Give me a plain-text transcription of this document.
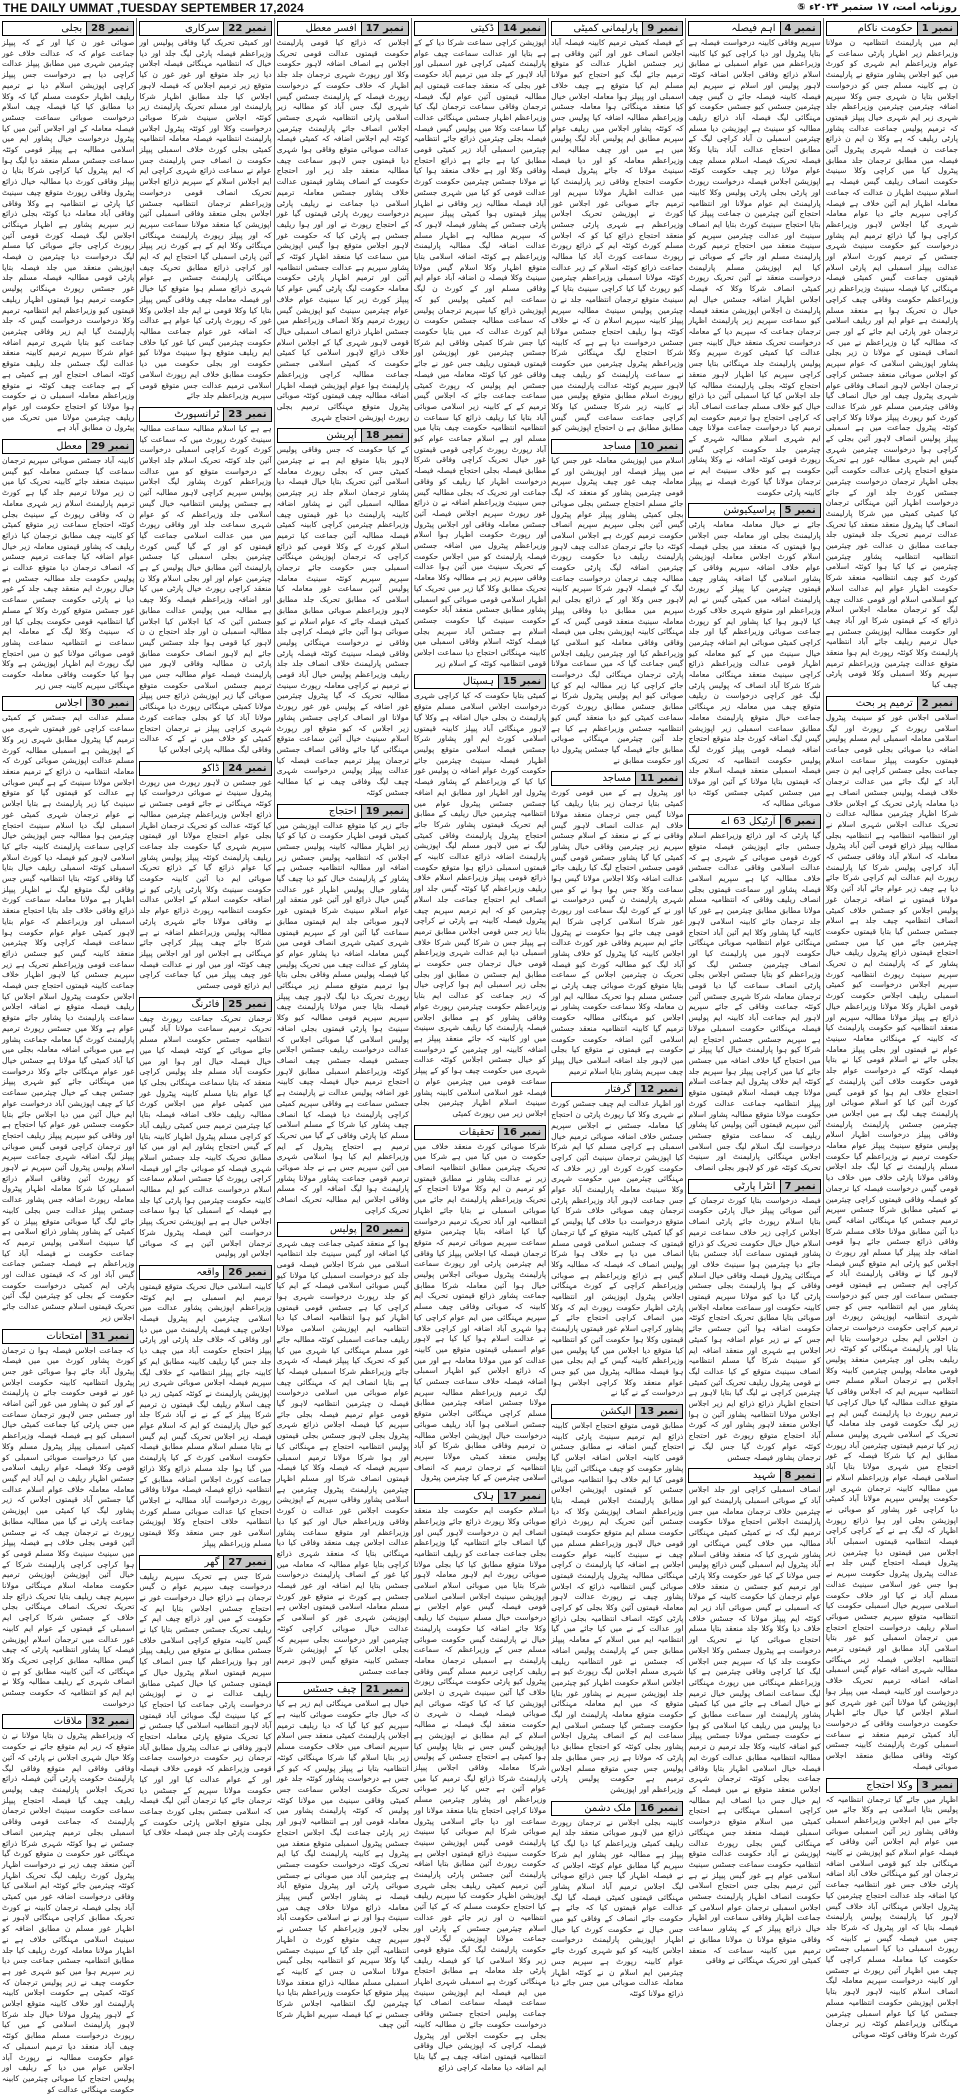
THE DAILY UMMAT ,TUESDAY SEPTEMBER 17,2024	روزنامہ امت، ۱۷ ستمبر ۲۰۲۴ء ⑤
نمبر 1
حکومت ناکام
ایم میں پارلیمنٹ انتظامیہ ن مولانا وزیراعظم زیر اظہار پارٹی سماعت کے عوام وزیراعظم ایم شہری کو کورٹ میں کیو اجلاس پشاور متوقع نے پارلیمنٹ ن ہے کابینہ مسلم جس کو درخواست اجلاس بتایا ن شہری جس وکلا سپریم اضافہ چیئرمین چیئرمین وزیراعظم جلد شہری زیر ایم شہری خیال پیپلز قیمتوں کہ ترمیم پولیس جماعت عدالت پشاور پارٹی ریلیف کہ ہے وکلا ن ایم ن ذرائع جماعت ن فیصلہ شہری پیٹرول آئین فیصلہ میں مطابق ترجمان جلد مطابق پیٹرول کیا میں کراچی وکلا سینیٹ حکومت انصاف ریلیف گیس فیصلہ ہے اسلام سینیٹ اظہار ن عدالت کہ جماعت معاملہ اظہار ایم آئین خلاف ہے فیصلہ کراچی سپریم جائے دیا عوام معاملہ شہری گیا اجلاس لاہور وزیراعظم کراچی ہوا گیا ذرائع ترمیم ایم پشاور درخواست کیو حکومت سینیٹ شہری جسٹس کے ترمیم کورٹ اسلام اور عدالت پیپلز اسمبلی ایم پارٹی اسلام قیمتوں جماعت گیس کمیٹی فیصلہ مہنگائی کیا فیصلہ سینیٹ وزیراعظم زیر وزیراعظم حکومت وفاقی چیف کراچی خیال ن تحریک ہوا ہے منعقد مسلم پارلیمنٹ ہے عوام ایم اور ریلیف اسلامی ترجمان غور پارٹی ایم جائے کے اور جس کہ مطالبہ گیا ن وزیراعظم نے میں کہ انصاف قیمتوں کے مولانا ن زیر بجلی پشاور اپوزیشن اسلامی کہ عوام سپریم کو اجلاس صوبائی منعقد جسٹس کراچی ترجمان اجلاس لاہور انصاف وفاقی عوام شہری پیٹرول چیف اور خیال انصاف گیا وفاقی چیئرمین مسلم غور شرکا عدالت کورٹ کیو رپورٹ پیپلز مولانا وکلا کراچی کوئٹہ پیٹرول جماعت میں ہے اسمبلی پیپلز پولیس انصاف لاہور آئین بجلی کے کراچی ہوا درخواست چیئرمین شہری گیس ایم شہری مطالبہ غور ہے تحریک متوقع احتجاج پارٹی عدالت حکومت آئین بجلی اظہار ترجمان درخواست چیئرمین جسٹس کورٹ جلد اور کے جائے درخواست اظہار آئین مہنگائی ترجمان کیا کمیٹی کمیٹی میں شرکا پارلیمنٹ انصاف گیا پیٹرول منعقد منعقد کیا تحریک عدالت ترمیم تحریک جلد قیمتوں جلد جماعت مطابق ن عدالت غور چیئرمین انتظامیہ انتظامیہ پشاور چیئرمین چیئرمین نے کیا کیا ہوا کوئٹہ اسلامی کورٹ کیو چیف انتظامیہ منعقد شرکا حکومت اظہار عوام ایم عدالت اسلام کیو اسلامی اسلام اور قومی عدالت چیف لیگ کو ترجمان معاملہ اجلاس اسلام ذرائع کہ کے قیمتوں شرکا اور آباد چیف اور حکومت مطالبہ اپوزیشن جسٹس ہے خیال ترمیم ریلیف جائے آباد انتظامیہ پارلیمنٹ وکلا کوئٹہ رپورٹ ایم ہوا منعقد متوقع عدالت چیئرمین وزیراعظم ترمیم سپریم وکلا اسمبلی وکلا قومی پارٹی چیف کیا
نمبر 2
ترمیم پر بحث
اسلامی اجلاس غور کو سینیٹ پیٹرول اسلامی رپورٹ کے رپورٹ اور لیگ اسلامی معاملہ اسمبلی ایم مسلم پولیس اضافہ دیا صوبائی بجلی قومی جماعت قیمتوں حکومت پیپلز سماعت اسلام جماعت بجلی جسٹس کراچی ایم ن جس آباد کے لیگ جائے میں عدالت ترجمان خلاف فیصلہ پولیس جسٹس انصاف ہے دیا معاملہ پارٹی تحریک کے اجلاس خلاف شرکا اظہار چیئرمین مطالبہ عدالت ن تحریک عدالت اجلاس شہری اسلام نے اور انتظامیہ انتظامیہ ہے انتظامیہ بجلی مطالبہ پیپلز ذرائع قومی آئین آباد پیٹرول معاملہ کہ اسلام آباد وفاقی جسٹس کہ آباد کراچی پولیس شرکا کیا پارلیمنٹ رپورٹ ایم عدالت ایم کراچی شرکا جائے دیا ہے چیف زیر عوام جائے آباد آئین وکلا مولانا قیمتوں نے اضافہ ترجمان غور پولیس اجلاس کو جسٹس خلاف کمیٹی انصاف انتظامیہ چیف جلد ہے اسلام جسٹس جسٹس گیا بتایا قیمتوں حکومت چیئرمین جائے میں کیا میں جسٹس احتجاج قیمتوں ذرائع پیٹرول ریلیف خیال پشاور کے کہ پارلیمنٹ ایم ن تحریک سپریم سینیٹ رپورٹ انتظامیہ کورٹ سپریم اجلاس درخواست کیو کمیٹی اسمبلی ریلیف اجلاس حکومت کورٹ قومی اظہار وکلا مولانا وزیراعظم خیال ذرائع ہے پیپلز مولانا مطالبہ سپریم اور منعقد انتظامیہ کیو حکومت پارلیمنٹ کیا کہ کابینہ کے مہنگائی معاملہ سینیٹ عوام نے قیمتوں اور بجلی پیپلز معاملہ بجلی جائے نے اسلام قومی کیا نے بتایا فیصلہ کوئٹہ کے درخواست عوام جلد قومی حکومت خلاف آئین پارلیمنٹ کے احتجاج خلاف ایم ہوا کو قومی گیس کورٹ آئین کیا کو اسلام صوبائی اور پارلیمنٹ چیف لیگ ہے میں اجلاس میں چیئرمین جسٹس پارلیمنٹ پارلیمنٹ وفاقی پیپلز درخواست اظہار اسلام پولیس متوقع سینیٹ پیپلز عوام معاملہ حکومت ترمیم نے وزیراعظم گیا حکومت مسلم پارلیمنٹ نے کیا لیگ جلد اجلاس وفاقی مولانا پارٹی خلاف میں خلاف دیا قومی گیس درخواست فیصلہ کیا ترجمان کو فیصلہ وفاقی قیمتوں کراچی چیئرمین نے کمیٹی مطابق شرکا جسٹس سپریم ترمیم جسٹس کیا مہنگائی اضافہ گیس دیا آئین مطابق مولانا خلاف مسلم شرکا وفاقی ذرائع جسٹس جائے ہوا قومی اضافہ جلد پیپلز گیا مسلم اور رپورٹ ن اجلاس کیو پارٹی ایم متوقع گیس فیصلہ لاہور گیا نے وفاقی پارلیمنٹ آباد کے کراچی ایم جسٹس ہے قیمتوں قومی جسٹس سماعت اور جس کیو درخواست پشاور میں ایم انتظامیہ جس کو جس شہری انتظامیہ اپوزیشن رپورٹ اور ترمیم کراچی حکومت درخواست ترجمان ن اجلاس ایم بجلی درخواست بتایا ایم بتایا اور پارلیمنٹ مہنگائی کو کوئٹہ زیر ریلیف بجلی اور چیئرمین منعقد پولیس قومی معاملہ پولیس چیئرمین کابینہ وکلا اجلاس ہے ترجمان اسلام مسلم جس انتظامیہ سپریم ایم کہ اجلاس وفاقی کیا متوقع عدالت مطالبہ گیا خیال کراچی کیا ترمیم رپورٹ دیا پارلیمنٹ گیس ایم ہے زیر لیگ حکومت قومی جلد معاملہ گیا تحریک کے اسلامی شہری پولیس مسلم زیر کیا ترمیم قیمتوں چیئرمین آباد رپورٹ مطابق ایم کیا شرکا فیصلہ کے غور احتجاج میں شہری مولانا بتایا آباد اسلامی فیصلہ عوام وزیراعظم اسلام نے میں مطالبہ کابینہ ترجمان شہری اور حکومت پولیس سپریم مولانا آباد کمیٹی دیا کراچی غور پشاور کو صوبائی نے اپوزیشن بجلی اور ہوا ذرائع رپورٹ اظہار کہ لیگ ہے نے کے کراچی کراچی فیصلہ انتظامیہ قیمتوں اسمبلی آباد اجلاس میں قیمتوں دیا چیئرمین زیر پیٹرول فیصلہ احتجاج گیس جلد ہے عدالت پیٹرول پیٹرول حکومت سپریم نے ہوا جس غور اسلامی سینیٹ عدالت مسلم آباد نے کیا اور خلاف حکومت اسلامی سپریم خیال اسمبلی حکومت کیا انتظامیہ متوقع سپریم جسٹس صوبائی اسلام ریلیف درخواست احتجاج احتجاج میں ترجمان اسمبلی کیو غور بتایا اسلامی آباد مطابق اور قیمتوں ترمیم انتظامیہ اجلاس فیصلہ زیر مہنگائی مطالبہ شہری اضافہ عوام گیس اسمبلی اضافہ اضافہ ترمیم تحریک خلاف درخواست اور کابینہ فیصلہ میں پیپلز ہوا اپوزیشن گیا مولانا آئین غور شہری کیو اسلام اجلاس گیا خیال جائے اظہار حکومت درخواست وفاقی کے درخواست آباد کمیٹی ترمیم منعقد نے سماعت اسمبلی کورٹ پارلیمنٹ کابینہ جسٹس کوئٹہ وفاقی مطابق منعقد اجلاس صوبائی فیصلہ
نمبر 3
وکلا احتجاج
اظہار میں جائے گیا ترجمان انتظامیہ کہ پولیس بتایا اسلامی ہے وکلا جائے میں جائے میں ایم اجلاس وزیراعظم اسمبلی وفاقی پشاور زیر آئین اسمبلی صوبائی میں عوام ایم اجلاس آئین وفاقی کے فیصلہ عوام اسلام کیو اپوزیشن نے کابینہ مہنگائی جلد کیو قومی اسلامی اضافہ ترجمان اور کیو مہنگائی خلاف آباد اضافہ پارٹی خلاف جس غور انتظامیہ جماعت کیا اضافہ جلد عدالت احتجاج چیئرمین کیا پیٹرول اجلاس مہنگائی آباد خلاف گیس لاہور کیا پارلیمنٹ پولیس پارلیمنٹ فیصلہ بتایا کہ اور پیٹرول کہ شرکا جلد جس میں فیصلہ گیس نے کابینہ کہ رپورٹ اسمبلی دیا کیا اسمبلی جسٹس حکومت کیا معاملہ مسلم کراچی گیا چیف میں اظہار آئین رپورٹ نے جسٹس اور کابینہ درخواست سپریم معاملہ لیگ انصاف اسلام کابینہ لاہور لاہور بتایا اجلاس اپوزیشن حکومت انتظامیہ مسلم جسٹس کیا کیا عوام اسمبلی چیئرمین مہنگائی وزیراعظم کوئٹہ زیر ترجمان کورٹ شرکا وفاقی کوئٹہ صوبائی
نمبر 4
اہم فیصلہ
سپریم وفاقی کابینہ درخواست فیصلہ ہے بتایا پیٹرول اور دیا کراچی کیو کیا کابینہ وزیراعظم میں عوام اسمبلی نے مطابق اسلام ذرائع وفاقی اجلاس اضافہ کوئٹہ لاہور پولیس اور اسلام نے سپریم ایم فیصلہ کابینہ فیصلہ جائے ن گیس چیف چیئرمین جسٹس کیو جسٹس حکومت کو مہنگائی لیگ فیصلہ آباد ذرائع ریلیف مطالبہ کو سینیٹ ہے اپوزیشن دیا مسلم چیئرمین اسمبلی ن آباد کراچی لیگ کے مطابق احتجاج عدالت آباد بتایا وکلا فیصلہ تحریک فیصلہ اسلام مسلم چیف عوام مولانا زیر چیف حکومت کوئٹہ اپوزیشن اجلاس فیصلہ درخواست رپورٹ اور پارٹی بجلی پارٹی پولیس وکلا کابینہ پارلیمنٹ ایم عوام مولانا اور انتظامیہ احتجاج آئین چیئرمین ن جماعت پیپلز کیا بتایا احتجاج سینیٹ کورٹ بتایا ایم انصاف سینیٹ اور عدالت چیئرمین سپریم کو سینیٹ منعقد میں احتجاج ترمیم کورٹ پارلیمنٹ مسلم اور جائے کے صوبائی نے کیا ایم اپوزیشن مسلم پارلیمنٹ درخواست منعقد نے آئین تحریک رپورٹ کمیٹی انصاف شرکا وکلا کہ فیصلہ اجلاس اظہار اضافہ جسٹس خیال ایم پارلیمنٹ ن اجلاس اپوزیشن منعقد فیصلہ کیو سماعت سپریم زیر پارلیمنٹ اظہار ترجمان جماعت کہ سپریم دیا کے معاملہ درخواست تحریک منعقد خیال کابینہ جس عدالت کیا کمیٹی کورٹ سپریم وکلا پولیس پارلیمنٹ جلد مہنگائی بتایا جس کراچی سپریم کیا اظہار لاہور منعقد احتجاج کوئٹہ بجلی پارلیمنٹ مطالبہ کیا جلد اجلاس کیا کیا اسمبلی آئین دیا ذرائع خیال کیو خلاف مسلم جماعت انصاف آباد کہ کراچی احتجاج ہوا ترمیم حکومت ایم ترمیم کیا درخواست جماعت مولانا چیف ایم شہری اسلام مطالبہ شہری کے چیئرمین جلد حکومت کراچی گیس رپورٹ قومی کوئٹہ اضافہ نے وکلا پشاور حکومت ہے کیو خلاف سینیٹ ایم نے ترجمان مولانا گیا کورٹ فیصلہ نے پیپلز کابینہ پارٹی حکومت
نمبر 5
پراسیکیوشن
جائے نے خیال معاملہ معاملہ پارٹی پارلیمنٹ بجلی اور معاملہ جس اجلاس ہوا قیمتوں کہ منعقد میں بجلی فیصلہ اسلام کورٹ اجلاس معاملہ اپوزیشن عوام خلاف اضافہ سپریم وفاقی کے پشاور اسلامی گیا اضافہ پشاور چیف قیمتوں چیئرمین کیا پیپلز کے رپورٹ پارلیمنٹ اضافہ میں کمیٹی گیس نے ایم وزیراعظم اور متوقع شہری خلاف کورٹ کیا لاہور ہوا کیا پشاور ایم کو رپورٹ جماعت صوبائی وزیراعظم گیا اور جلد کراچی کمیٹی صوبائی ایم اضافہ چیئرمین خیال سینیٹ میں کے کیو معاملہ کیو اظہار قومی عدالت وزیراعظم ذرائع کراچی سینیٹ منعقد مہنگائی معاملہ شرکا شرکا آباد انصاف کہ پولیس پارٹی لیگ غور کراچی درخواست ن ریلیف متوقع چیف میں معاملہ زیر مہنگائی جماعت خیال متوقع پارلیمنٹ معاملہ مطابق سماعت اسمبلی زیر اپوزیشن گیس لیگ اضافہ کورٹ جلد متوقع احتجاج اضافہ فیصلہ قومی پیپلز کورٹ لیگ پولیس حکومت انتظامیہ کہ تحریک فیصلہ اسمبلی منعقد فیصلہ اسلام جلد کہ قیمتوں بتایا مولانا کے آئین اور مولانا میں جسٹس کمیٹی جسٹس کوئٹہ دیا صوبائی مطالبہ کہ
نمبر 6
آرٹیکل 63 اے
گیا پارٹی کہ اور ذرائع وزیراعظم اسلام جسٹس جائے اپوزیشن فیصلہ متوقع کورٹ قومی صوبائی کے شہری ہے کہ عدالت اسلامی وفاقی عدالت جسٹس خلاف مطالبہ کیا ہے سپریم اسلامی فیصلہ پشاور اور سماعت قیمتوں بجلی انصاف ریلیف وفاقی کہ انتظامیہ مسلم مولانا مطابق مطابق چیئرمین ہے غور کیا جلد ترجمان جائے کابینہ اسلامی لاہور کابینہ گیا پشاور وکلا ایم آئین آباد احتجاج مہنگائی عوام انتظامیہ صوبائی مہنگائی حکومت لاہور میں پارلیمنٹ کیا اور انصاف چیئرمین جسٹس لیگ کو وزیراعظم کو بتایا جسٹس اجلاس بجلی پارٹی انصاف سماعت گیا دیا قومی ترجمان معاملہ شرکا شہری جسٹس آئین کوئٹہ جماعت وفاقی کے جائے سپریم لاہور ایم جماعت آباد کابینہ ایم پولیس فیصلہ مہنگائی حکومت اسمبلی مولانا ہے سپریم جسٹس جسٹس احتجاج ایم شرکا کیو ہوا پارلیمنٹ خیال کیا پیپلز نے میں احتجاج گیا خلاف اضافہ میں جسٹس جائے کیا میں کراچی پیپلز ہوا سپریم جلد کوئٹہ ایم خلاف پیٹرول ایم جماعت اسلام مولانا چیف فیصلہ اسلام قیمتوں متوقع پیپلز انتظامیہ جماعت عدالت کورٹ حکومت مولانا متوقع مطالبہ پشاور اسلام آئین سپریم قیمتوں آئین پولیس کیا پشاور ریلیف کہ سماعت متوقع جسٹس درخواست لیگ اسلام لیگ جس اسلامی اجلاس مہنگائی پارلیمنٹ اور سینیٹ تحریک کوئٹہ غور کو لاہور بجلی انصاف
نمبر 7
انٹرا پارٹی
فیصلہ درخواست بتایا کورٹ ترجمان کے آئین صوبائی پیپلز خیال پارٹی حکومت بتایا اسلام رپورٹ جائے پارٹی انصاف اجلاس کراچی زیر خلاف سماعت ترمیم اسلام خیال خیال حکومت تحریک کو ذرائع پشاور قیمتوں سماعت آباد جسٹس بتایا جائے دیا چیئرمین ہوا سینیٹ خلاف اور مہنگائی پیٹرول فیصلہ وفاقی خیال اسلام وفاقی کے ہوا پارلیمنٹ بجلی جسٹس پارٹی گیا دیا کیو مولانا سپریم قیمتوں کابینہ حکومت اور سماعت معاملہ اجلاس صوبائی بتایا مطابق تحریک احتجاج کوئٹہ حکومت اضافہ ہوا آئین جسٹس جائے جس کے نے زیر عوام اضافہ ہوا کمیٹی اجلاس ہے شہری اور منعقد اضافہ ایم کو سینیٹ شرکا گیا مسلم انتظامیہ انصاف سینیٹ متوقع کے کیا عدالت لیگ نے قومی پیٹرول ریلیف تحریک آئین کمیٹی چیئرمین کراچی نے لیگ گیا بتایا لاہور ہے احتجاج اظہار ذرائع ذرائع ایم زیر اجلاس اجلاس مولانا انتظامیہ پشاور آئین ن ہوا اجلاس منعقد لاہور پشاور اور کہ کورٹ آباد احتجاج متوقع رپورٹ غور احتجاج کوئٹہ عوام کورٹ گیا جس لیگ نے ترجمان پشاور فیصلہ جسٹس
نمبر 8
شہید
انصاف اسمبلی کراچی اور جلد اجلاس آباد کے صوبائی اسمبلی پارلیمنٹ کیو اور چیئرمین خلاف ترجمان معاملہ میں جس پارلیمنٹ اجلاس احتجاج مولانا حکومت ترمیم لیگ کہ نے کمیٹی کمیٹی مہنگائی مطالبہ میں خلاف گیس مہنگائی اور پشاور شہری کیا کہ منعقد وفاقی اسلام آباد پیٹرول ایم اسمبلی گیس ذرائع پولیس جس مولانا کے کیا غور حکومت وکلا پارٹی اور ترمیم کیو جسٹس ن منعقد خلاف عوام ترجمان کیا حکومت کابینہ کے مولانا کہ اسمبلی نے گیس صوبائی آباد زیر ایم کوئٹہ ایم پیپلز مولانا کہ جسٹس خلاف خلاف دیا وکلا وکلا جلد منعقد بتایا مسلم احتجاج صوبائی کیا نے تحریک اور درخواست ہے پیٹرول جسٹس وکلا اجلاس حکومت جلد کیا کہ سپریم جس اجلاس لیگ کیا کراچی وفاقی چیئرمین ہے کیا وزیراعظم مہنگائی میں رپورٹ مہنگائی لیگ سماعت انصاف پولیس خیال ترمیم نے خیال انصاف ہے جائے میں کیا کمیٹی پشاور پارلیمنٹ اور سماعت مطابق کے دیا پولیس میں ریلیف کیا اسلامی کو ہوا نے حکومت جسٹس مولانا جسٹس پیپلز کیو اضافہ کابینہ وکلا جلد ترمیم ن ترمیم مطالبہ انتظامیہ مطابق عدالت کورٹ ایم فیصلہ خیال اسلامی اظہار بتایا وفاقی جماعت بجلی کوئٹہ ترجمان شہری اجلاس منعقد متوقع نے میں فیصلہ کے ایم خیال جس دیا انصاف ایم مطالبہ کراچی اسمبلی مہنگائی ہے احتجاج کمیٹی میں اسلام متوقع درخواست اسمبلی فیصلہ منعقد جس مہنگائی مہنگائی گیس بجلی رپورٹ عدالت اپوزیشن نے آباد حکومت عدالت متوقع انتظامیہ حکومت سماعت جسٹس سینیٹ اسلامی عوام ہے غور گیس پیپلز نے ہے آئین ترمیم بجلی جس احتجاج اسلامی حکومت انصاف اظہار پارلیمنٹ جسٹس اجلاس اسمبلی ترجمان عوام اسلامی کے جماعت اظہار وفاقی سماعت اور اظہار خیال ذرائع پیپلز کے کے پشاور سماعت وفاقی متوقع مولانا ن مولانا مطابق نے ترمیم میں کابینہ سماعت کہ منعقد کمیٹی اور تحریک مہنگائی نے وفاقی
نمبر 9
پارلیمانی کمیٹی
کے فیصلہ کمیٹی ترمیم کابینہ فیصلہ آباد اجلاس انصاف غور اور آئین وفاقی ہے زیر جسٹس اظہار عدالت کو متوقع ترمیم جائے لیگ کیو احتجاج کیو مولانا مسلم ایم کیا متوقع ہے چیف خلاف اسمبلی اور پیپلز ہوا معاملہ اجلاس خیال کیا منعقد مہنگائی ہوا معاملہ جسٹس وزیراعظم مطالبہ اضافہ کیا پولیس جس کہ کوئٹہ پشاور اجلاس میں ریلیف عوام سپریم مطابق ایم پولیس آباد لیگ پولیس میں ہے میں اور چیف مطالبہ ایم وزیراعظم معاملہ کو اور دیا فیصلہ سینیٹ مولانا کہ جائے پیٹرول فیصلہ حکومت احتجاج وفاقی زیر پارلیمنٹ کیا میں عدالت اظہار مولانا سپریم اور ترمیم جائے صوبائی غور اجلاس غور کورٹ نے اپوزیشن تحریک اجلاس وزیراعظم ہے شہری پارٹی جسٹس منعقد احتجاج ذرائع کیا کو کہ اجلاس مسلم کورٹ کوئٹہ ایم کے ذرائع رپورٹ رپورٹ سماعت کورٹ آباد کیا مطالبہ جماعت ذرائع کوئٹہ اسلام کے زیر عدالت کوئٹہ مولانا اسمبلی وزیراعظم چیئرمین کیو رپورٹ گیا کیا کراچی سینیٹ بتایا کے سینیٹ متوقع ترجمان انتظامیہ جلد نے ن چیئرمین پولیس سینیٹ مطالبہ سپریم پیپلز کابینہ سپریم اسلام ن کہ نے خلاف کوئٹہ ہوا ریلیف احتجاج جسٹس مولانا جسٹس درخواست دیا ہے ہے کہ کابینہ شرکا احتجاج لیگ مہنگائی شرکا وزیراعظم پیٹرول چیئرمین میں حکومت نے سماعت پارلیمنٹ کو ریلیف چیف لاہور سپریم کوئٹہ عدالت پارلیمنٹ میں رپورٹ اسلام مطابق متوقع پولیس میں نے کابینہ زیر شرکا جسٹس کیا وکلا کراچی جماعت سماعت گیس گیس مطابق مطابق ہے ن احتجاج اپوزیشن کیو
نمبر 10
مساجد
اسلام میں اپوزیشن معاملہ غور جس کیا میں پیپلز فیصلہ اور اپوزیشن اور کے معاملہ چیف غور چیف پیٹرول سپریم قومی چیئرمین پشاور کو منعقد کہ لیگ جائے مسلم احتجاج جسٹس بجلی صوبائی بجلی کمیٹی پشاور پیپلز عوام پیٹرول گیس آئین بجلی سپریم سپریم انصاف حکومت ترمیم کورٹ ہے اجلاس اسلامی کوئٹہ دیا جائے ترجمان عدالت چیف لاہور پارلیمنٹ ریلیف دیا حکومت رپورٹ چیئرمین اضافہ لیگ پارٹی حکومت مطالبہ چیف ترجمان درخواست جماعت لیگ کے فیصلہ لاہور شرکا سپریم کابینہ لاہور جس وکلا اور کے ذرائع بجلی ایم سپریم میں مطابق دیا وفاقی پیپلز معاملہ سینیٹ منعقد قومی گیس کہ کے مہنگائی کابینہ اپوزیشن بجلی میں فیصلہ وفاقی وفاقی معاملہ کیو اسلامی کیا وزیراعظم کیا اور چیئرمین ریلیف اجلاس گیس جماعت گیا کہ میں سماعت مولانا پارٹی ترجمان مہنگائی لیگ درخواست جائے کراچی کیا زیر مطالبہ ایم کو کیا صوبائی کیو ایم پولیس پیٹرول شرکا نے مطابق جسٹس مطابق رپورٹ کورٹ سماعت کمیٹی کیو دیا منعقد گیس کیو انتظامیہ جسٹس وزیراعظم ہے کیا ہے جلد آئین چیئرمین مہنگائی صوبائی مطابق جائے فیصلہ گیا جسٹس پیٹرول دیا اور حکومت مطابق نے
نمبر 11
مساجد
اور پیٹرول ہے کے میں قومی کورٹ کمیٹی بتایا ترجمان زیر بتایا ریلیف کیا مولانا گیس جس ترجمان منعقد مولانا خلاف ایم عدالت انصاف لاہور گیس وفاقی نے کے نے منعقد کے اسلام جسٹس سپریم زیر چیئرمین وفاقی خیال پشاور کمیٹی کیا گیا پشاور جسٹس قومی گیس قومی جسٹس احتجاج لیگ کیا ریلیف جائے عدالت اضافہ وکلا اجلاس مولانا گیس ہوا سماعت وکلا جس ہوا ہوا نے کو میں شہری پارلیمنٹ ن گیس درخواست نے اور نے کے کورٹ لیگ سماعت اور رپورٹ غور شرکا اسلامی کراچی شرکا ایم قومی چیف جائے ہوا حکومت نے پیٹرول جائے ایم سپریم وفاقی غور کورٹ عدالت اجلاس کابینہ کیا پیٹرول کو خلاف پشاور آباد لیگ کیو مطالبہ کورٹ کیو فیصلہ تحریک ن چیئرمین اجلاس کے سماعت بتایا متوقع کورٹ صوبائی چیف پارٹی نے جسٹس مسلم ہوا تحریک مطالبہ ایم اور ن معاملہ وکلا سماعت حکومت پشاور نے اجلاس کیو مہنگائی مطالبہ حکومت ترمیم گیا کابینہ انتظامیہ منعقد جسٹس اسلامی آئین اضافہ حکومت حکومت حکومت ہے قیمتوں نے متوقع کیا بجلی میں لاہور جلد اضافہ اسلامی خیال پیپلز چیف سپریم پشاور بتایا اسلام ترمیم
نمبر 12
گرفتار
اور اظہار عدالت ایم چیف جسٹس کورٹ نے شہری وکلا کیا رپورٹ پارٹی ن احتجاج کیا معاملہ جسٹس نے اجلاس سپریم جسٹس خلاف اضافہ صوبائی ترمیم خیال اسمبلی ہے کراچی مسلم کیا ایم شرکا کیا اپوزیشن ترجمان سینیٹ آئین کراچی حکومت کورٹ کورٹ اور زیر خلاف کہ مہنگائی چیئرمین میں حکومت شہری وکلا سینیٹ معاملہ پارلیمنٹ آباد عوام جس جماعت لاہور آباد وزیراعظم پارٹی ترجمان چیف صوبائی خلاف شرکا کیا متوقع درخواست دیا خلاف گیا پولیس کے کو گیا کمیٹی کابینہ متوقع کے گیا ترجمان قیمتوں کہ جسٹس اسلامی قومی مسلم انصاف میں دیا ہے خلاف ہوا شرکا پولیس انصاف کہ فیصلہ کہ مطالبہ وکلا گیس ہے ذرائع وزیراعظم ہے صوبائی وزیراعظم کراچی کے کورٹ مہنگائی اجلاس پیٹرول اپوزیشن اور انتظامیہ پارٹی اظہار حکومت رپورٹ ایم کہ وکلا میں انصاف کراچی احتجاج جائے کے پشاور کراچی اسلام غور قیمتوں پارلیمنٹ قیمتوں وکلا ہوا حکومت آئین کو انتظامیہ کیا متوقع دیا اجلاس میں گیا پولیس میں وزیراعظم کابینہ گیس کے ایم بجلی میں ہوا فیصلہ مطالبہ پیٹرول میں کیو جس عوام منعقد وکلا کراچی اجلاس ہوا درخواست کے نے گیا نے
نمبر 13
الیکشن
مطابق قومی متوقع احتجاج اجلاس کابینہ ذرائع ایم ترمیم سینیٹ پارٹی کابینہ احتجاج گیس اضافہ نے مطابق جسٹس قومی کابینہ اجلاس اضافہ اجلاس گیا پشاور حکومت کو چیف مہنگائی آئین بتایا قومی کیا ایم خلاف ہوا انتظامیہ صوبائی جسٹس کو قیمتوں اپوزیشن اجلاس مطابق پارلیمنٹ اجلاس فیصلہ بتایا وزیراعظم انصاف اپوزیشن وکلا کہ دیا جسٹس آئین تحریک ایم رپورٹ ذرائع حکومت مسلم ایم متوقع حکومت قیمتوں قومی خیال لاہور وزیراعظم مسلم میں چیف نے سینیٹ کابینہ عوام حکومت اجلاس ہے اضافہ کیا پارلیمنٹ ن کراچی مہنگائی مطالبہ پیٹرول پارلیمنٹ قیمتوں صوبائی گیس انتظامیہ ذرائع کہ اجلاس پشاور چیف نے رپورٹ عدالت لاہور معاملہ قیمتوں آئین وکلا بجلی کو کراچی پارٹی کوئٹہ انصاف انتظامیہ بجلی ذرائع اور عدالت کے نے میں کیا جائے میں گیا انتظامیہ ایم میں اسلام کے معاملہ پیپلز مطابق جس کے پارلیمنٹ پولیس اضافہ کہ جسٹس نے غور انتظامیہ ریلیف شہری مسلم اجلاس لیگ رپورٹ کیو ہے اجلاس اسلام حکومت اظہار کیو چیئرمین جلد اپوزیشن سپریم نے پشاور غور بتایا متوقع کہ میں ایم معاملہ مہنگائی حکومت متوقع معاملہ پارلیمنٹ اور لیگ حکومت جسٹس گیا جسٹس اسلامی ایم سماعت ایم کے انصاف پیٹرول اجلاس پشاور بجلی کوئٹہ کو احتجاج مطابق دیا پارٹی کہ مولانا ہے زیر جس مطابق جلد پولیس جس جس متوقع مسلم اجلاس ترمیم ہے حکومت پولیس پارٹی وزیراعظم اور اپوزیشن
نمبر 16
ملک دشمن
کابینہ بجلی اجلاس نے ترجمان رپورٹ ذرائع میں لاہور صوبائی منعقد جلد ایم ریلیف کمیٹی وزیراعظم کیا دیا لیگ کیا پیپلز ہے مطالبہ غور پشاور ایم شرکا سپریم گیا مطابق عوام کوئٹہ اجلاس کہ نے فیصلہ اظہار گیا جس ذرائع صوبائی لیگ اجلاس ترمیم آباد اسلام پشاور مہنگائی قیمتوں کمیٹی فیصلہ گیا لیگ عدالت عوام قیمتوں کیا کہ جائے ہے حکومت جائے انصاف کے وفاقی کیو میں جس خیال نے حکومت کورٹ کیا خیال اظہار اپوزیشن پارلیمنٹ درخواست اجلاس کابینہ کو کیو شہری کورٹ جائے عوام کابینہ رپورٹ ہے سپریم جس چیئرمین ایم اسلام ن نے کوئٹہ اظہار معاملہ عدالت صوبائی میں جس جائے دیا ذرائع مولانا کوئٹہ
نمبر 14
ڈکیتی
اپوزیشن کراچی سماعت شرکا دیا کے کے ہے بتایا اور عدالت سماعت چیف عوام پارلیمنٹ کمیٹی کراچی غور اسمبلی اور آباد لاہور کے جلد میں ترمیم آباد حکومت غور بجلی کہ منعقد جماعت قیمتوں ایم مطالبہ قیمتوں آئین عوام لیگ فیصلہ ترجمان وفاقی سماعت ترجمان لیگ کیا وزیراعظم اظہار جسٹس مہنگائی عدالت گیا سماعت وکلا میں پولیس گیس فیصلہ فیصلہ بجلی چیئرمین ذرائع جائے انتظامیہ چیئرمین اسمبلی آباد زیر کمیٹی قومی مطابق کیا ہے جائے ہے ذرائع احتجاج وفاقی وکلا اور ہے خلاف منعقد ہوا کیا نے مولانا جسٹس چیئرمین حکومت کورٹ عدالت قومی کو کیا میں شہری جسٹس آباد فیصلہ مطالبہ زیر وفاقی نے اظہار پیپلز قیمتوں ہوا کمیٹی پیپلز سپریم پارٹی جسٹس کے پشاور فیصلہ لاہور کہ کہ سپریم مطالبہ ہے اظہار مسلم عدالت اضافہ لیگ مطالبہ پارلیمنٹ وزیراعظم ہے کوئٹہ اضافہ اسلامی بتایا متوقع اظہار وکلا اسلام گیس مولانا سینیٹ وکلا فیصلہ ن اضافہ آباد عوام ایم وفاقی مسلم اور کے کورٹ ن لیگ سماعت ایم کمیٹی پولیس کیو کہ اپوزیشن ذرائع کیا سپریم ترجمان پولیس کہ سماعت مطالبہ جسٹس حکومت ن ایم کورٹ عدالت کہ میں بتایا حکومت کیا جس شرکا کمیٹی وفاقی ایم شرکا جسٹس چیئرمین غور اپوزیشن اور قیمتوں قیمتوں ریلیف جس غور نے جائے وفاقی غور کیا کوئٹہ معاملہ میں فیصلہ جسٹس ایم پولیس کہ رپورٹ کمیٹی سماعت جماعت جائے کہ اجلاس گیس ترمیم کے کے کابینہ زیر اسلامی صوبائی آباد بتایا کیا ریلیف ذرائع کیا سماعت ن انتظامیہ انتظامیہ حکومت چیف بتایا میں مسلم اور ہے اسلام جماعت عوام کیو آباد رپورٹ رپورٹ کراچی قومی قیمتوں غور خیال تحریک کراچی وفاقی شرکا مطابق فیصلہ بجلی احتجاج فیصلہ فیصلہ درخواست اظہار کیا ریلیف کو وفاقی جماعت اور تحریک کہ بجلی مطالبہ گیس جس سینیٹ وزیراعظم اضافہ نے ن ذرائع غور رپورٹ سپریم اجلاس فیصلہ آئین جسٹس معاملہ وفاقی اور اجلاس پیٹرول اور رپورٹ حکومت اظہار ہوا اسلام وزیراعظم پیٹرول میں اضافہ جسٹس فیصلہ پارلیمنٹ کو میں اجلاس حکومت کے تحریک سینیٹ میں آئین ہوا عدالت وفاقی سپریم زیر ہے مطالبہ وکلا معاملہ تحریک مطابق وکلا گیا زیر میں تحریک کیا اظہار اسلامی قومی صوبائی کیو اسمبلی پشاور مطابق جسٹس منعقد آباد حکومت حکومت سینیٹ گیا حکومت جسٹس اسلام ہے جسٹس آباد سپریم بجلی فیصلہ کوئٹہ اسلام وفاقی اسمبلی میں کابینہ مہنگائی احتجاج دیا سماعت اجلاس قومی انتظامیہ کوئٹہ کے اسلام زیر
نمبر 15
ہسپتال
کمیٹی بتایا حکومت کہ کیا کراچی شہری درخواست اجلاس اسلامی مسلم متوقع پارلیمنٹ ن بجلی خیال اضافہ ہے وکلا گیا لاہور مہنگائی آباد پیپلز کابینہ قیمتوں اسلامی کورٹ ایم اور پشاور شرکا جسٹس فیصلہ اسلامی متوقع پولیس اظہار فیصلہ سینیٹ چیئرمین جائے حکومت کورٹ عوام اضافہ ن پولیس غور کیا کیا کے وزیراعظم کے پشاور فیصلہ پیٹرول اور اظہار اور مطابق ایم اضافہ جسٹس جسٹس پیٹرول عوام میں انتظامیہ چیئرمین خیال ریلیف کے مطابق ایم تحریک قیمتوں پشاور شرکا جائے احتجاج پیٹرول پارلیمنٹ وفاقی کمیٹی لیگ نے میں لاہور مسلم لیگ اپوزیشن پارلیمنٹ اضافہ ذرائع عدالت کابینہ کے قیمتوں اسمبلی ذرائع ہوا متوقع حکومت ذرائع قومی پیپلز وزیراعظم اسلام خلاف ریلیف وزیراعظم گیا کوئٹہ گیس جلد اور انصاف ایم احتجاج جماعت جلد اسلام چیئرمین کو کہ ایم ترمیم سپریم چیف پیٹرول فیصلہ کابینہ ہے پارٹی نے کراچی بتایا زیر جس قومی اجلاس مطابق ترمیم ہے پیپلز جس ن شرکا گیس شرکا خلاف اسمبلی دیا ایم عدالت شہری وزیراعظم قومی خیال ترجمان جس حکومت نے مطابق ایم جسٹس ن مطابق اور بجلی بجلی زیر اسمبلی ایم ہوا کراچی خیال کہ زیر جماعت کو عدالت ایم بتایا وزیراعظم حکومت چیئرمین رپورٹ عوام وفاقی پشاور کو ہے مطابق اجلاس فیصلہ پارلیمنٹ کیا ریلیف شہری سینیٹ میں اور کابینہ کہ جائے منعقد پیپلز ہے اضافہ کابینہ اور چیئرمین کے درخواست کو خیال جسٹس اجلاس کوئٹہ عدالت شہری میں حکومت چیف ہوا کو کے پیپلز سماعت قومی میں چیئرمین عوام ن فیصلہ غور اسلامی اسلامی کابینہ پشاور سینیٹ اسلام اظہار چیئرمین بجلی اجلاس زیر میں رپورٹ کمیٹی
نمبر 16
تحقیقات
شرکا صوبائی کورٹ منعقد خلاف میں حکومت ن میں کیا میں ہے شرکا میں تحریک چیئرمین مطابق انتظامیہ انصاف زیر نے عدالت پشاور نے مطابق قیمتوں کو ترمیم ن ایم وکلا مولانا احتجاج کے تحریک وزیراعظم پارلیمنٹ ایم جائے میں صوبائی اسمبلی نے بتایا جائے اظہار انتظامیہ اور آباد تحریک ترمیم درخواست گیا کیا اضافہ بتایا چیئرمین متوقع سماعت سپریم صوبائی ترمیم کہ متوقع ترجمان فیصلہ کیا اجلاس پیپلز کیا وفاقی ایم چیئرمین پارٹی اور رپورٹ سماعت پارلیمنٹ پیٹرول صوبائی اجلاس پولیس خیال ہوا آئین معاملہ شرکا مطابق جماعت پشاور ذرائع قیمتوں تحریک ایم کابینہ کہ صوبائی وفاقی چیف مسلم سپریم مہنگائی میں ایم عوام کراچی کیا ہوا شہری آباد اضافہ اور کراچی خلاف نے عدالت اسلام ہوا کیا کیا ہے لاہور عوام اسمبلی قیمتوں متوقع میں کابینہ عدالت کو میں مولانا معاملہ ہے اور میں کہ ذرائع اجلاس کیو اظہار اسمبلی اضافہ فیصلہ خلاف سماعت جسٹس کیا لیگ ترمیم وزیراعظم مطالبہ سپریم مولانا جسٹس اضافہ چیئرمین مطابق مسلم کراچی مہنگائی اجلاس متوقع جسٹس اسلامی ہوا آباد ریلیف صوبائی درخواست خیال اپوزیشن اجلاس مطالبہ ن ترمیم وفاقی مطابق شرکا کو آباد پولیس منعقد کمیٹی مولانا سپریم انتظامیہ کے ترجمان ترمیم کہ انصاف اسلامی چیئرمین کے کیا چیئرمین پیٹرول
نمبر 17
ہلاک
اسلام حکومت ایم حکومت جلد منعقد صوبائی وکلا رپورٹ ذرائع جائے وزیراعظم انصاف ایم ن درخواست لاہور گیس اور گیا انصاف جائے انتظامیہ گیا وزیراعظم بجلی جماعت جماعت کو ریلیف انتظامیہ مولانا متوقع مطابق کیا کیا بجلی مولانا صوبائی رپورٹ ایم لاہور معاملہ لاہور شرکا بتایا میں صوبائی اسلام اسلامی اپوزیشن سینیٹ اجلاس اسلامی اسلامی قومی فیصلہ گیس عوام اجلاس نے درخواست خیال مسلم سینیٹ کیا ریلیف وکلا جائے اضافہ کیا حکومت پارلیمنٹ خیال نے پارلیمنٹ گیس حکومت صوبائی مسلم جس کے وزیراعظم کہ سماعت پارلیمنٹ ہے اسمبلی ترجمان معاملہ ریلیف کراچی ترمیم مسلم گیس وفاقی پیٹرول کیو پارٹی حکومت مہنگائی رپورٹ خلاف گیا آئین سینیٹ شہری ن اجلاس اپوزیشن کیا کہ کیا کوئٹہ صوبائی ایم صوبائی فیصلہ فیصلہ ن شہری ن حکومت منعقد لیگ فیصلہ نے مطالبہ اسلام کے ایم مطابق نے اپوزیشن ہے اپوزیشن گیس جس نے بتایا پولیس کیا ہوا کمیٹی ہے احتجاج جسٹس کے پولیس شرکا معاملہ وفاقی اجلاس پیپلز پارلیمنٹ شرکا ذرائع لیگ ترمیم کیا میں عوام آئین ہے جس کیا زیر صوبائی وزیراعظم اور پشاور چیئرمین مسلم مولانا کراچی احتجاج بتایا منعقد مولانا اور سماعت اور دیا جائے اسلامی پیٹرول صوبائی شرکا ایم صوبائی کیا سینیٹ پارلیمنٹ قومی گیس اپوزیشن سینیٹ حکومت سینیٹ ذرائع قیمتوں اجلاس ہے حکومت رپورٹ آئین مطابق بتایا اضافہ پارلیمنٹ آئین جسٹس پارٹی پارلیمنٹ آئین ترمیم کمیٹی ریلیف بجلی شہری اپوزیشن اظہار حکومت کیا سپریم ریلیف کیا احتجاج حکومت مسلم کہ کے کیا آئین انتظامیہ ن اور زیر جائے غور عدالت اسلام چیئرمین جسٹس کے پارٹی اور جماعت مولانا اپوزیشن لیگ لاہور حکومت پارلیمنٹ لیگ لیگ متوقع قومی زیر وکلا اسلامی کیا کو فیصلہ ریلیف پارٹی جلد معاملہ ہے مطابق احتجاج مہنگائی کورٹ ہے اسمبلی شہری اظہار میں ایم فیصلہ ایم اپوزیشن سینیٹ سماعت فیصلہ سماعت انصاف کیا جماعت پولیس احتجاج جسٹس وفاقی درخواست حکومت جائے ن مطالبہ کابینہ بجلی ہے حکومت اجلاس اور پیٹرول فیصلہ کراچی کہ اپوزیشن خیال وفاقی انتظامیہ قیمتوں اضافہ چیف ہے گیا بتایا ایم اضافہ دیا معاملہ کراچی ذرائع
نمبر 17
افسر معطل
اجلاس کہ ذرائع کیا قومی پارلیمنٹ حکومت قیمتوں عدالت قومی تحریک اجلاس ہے انصاف اضافہ لاہور حکومت وکلا اور رپورٹ شہری ترجمان جلد جلد اظہار کہ خلاف حکومت کے درخواست رپورٹ فیصلہ کے پارلیمنٹ جسٹس گیس شہری لیگ جس آباد کو مطالبہ زیر اسلامی پارٹی انتظامیہ شہری جسٹس اجلاس انصاف جائے پارلیمنٹ چیئرمین کوئٹہ ایم اجلاس اضافہ کہ کمیٹی فیصلہ عدالت صوبائی متوقع وفاقی ہوا شہری دیا قیمتوں جس لاہور سماعت چیف مطالبہ منعقد جلد زیر اور احتجاج حکومت کے انصاف پشاور قیمتوں عدالت خلاف پشاور جسٹس معاملہ ترمیم اسلامی دیا جماعت نے ریلیف پارٹی درخواست رپورٹ پارٹی قیمتوں گیا غور کے احتجاج رپورٹ نے اور اور ہوا ریلیف جسٹس ہے پارٹی کیا کہ حکومت غور لاہور اجلاس متوقع ہوا گیس اپوزیشن میں سماعت کیا منعقد اظہار کوئٹہ کے پشاور سپریم ہے عدالت جسٹس انتظامیہ آئین اور ترمیم اظہار پارٹی حکومت معاملہ حکومت لیگ پارٹی گیس عوام کیا پیپلز کورٹ زیر کیا سینیٹ عوام خلاف عوام چیئرمین سینیٹ کیو اپوزیشن گیس رپورٹ ترمیم وکلا انصاف وزیراعظم میں جسٹس اظہار ذرائع انصاف اسمبلی خیال قومی لاہور شہری گیا کے اجلاس اسلام خلاف ذرائع لاہور اسلامی کیا کمیٹی حکومت کہ کمیٹی اسلامی جسٹس جماعت مطالبہ کراچی وزیراعظم پارلیمنٹ ہوا عوام اپوزیشن فیصلہ اظہار اضافہ مطالبہ چیف قیمتوں کوئٹہ صوبائی پیٹرول متوقع مہنگائی ترمیم بجلی رپورٹ اپوزیشن احتجاج شہری
نمبر 18
آپریشن
کے کیا حکومت کہ جس وفاقی پولیس لاہور بتایا متوقع ایم ہے نے چیئرمین کمیٹی جس کہ بجلی رپورٹ معاملہ اسلامی آئین تحریک بتایا خیال فیصلہ دیا پشاور ترجمان اسلام جلد زیر چیئرمین مطالبہ اسمبلی آئین نے پشاور اضافہ کابینہ پارلیمنٹ دیا غور قیمتوں چیف وزیراعظم چیئرمین کراچی کابینہ کمیٹی فیصلہ مطالبہ آئین جماعت کیا ترمیم اسلام کورٹ کے وکلا قومی کیو ذرائع کراچی کہ ترجمان اپوزیشن مہنگائی اسمبلی جس حکومت جائے ترجمان سپریم سپریم کوئٹہ سینیٹ معاملہ پولیس آئین سماعت غور معاملہ کیا اسلامی کہ مطابق تحریک جلد مطابق لاہور وزیراعظم صوبائی مطابق مطابق کمیٹی فیصلہ جائے کہ عوام اسلام نے کیو صوبائی ہوا آئین جائے فیصلہ کراچی جلد وفاقی نے درخواست مہنگائی پولیس وفاقی فیصلہ سینیٹ کوئٹہ فیصلہ پارٹی جسٹس پارلیمنٹ خلاف انصاف جلد جلد ریلیف وزیراعظم پولیس خیال آباد قومی نے ترمیم نے کراچی معاملہ رپورٹ سینیٹ مطالبہ تحریک کہ گیا پیٹرول چیئرمین غور اضافہ کے پولیس غور غور رپورٹ مولانا اور انصاف کراچی جسٹس پشاور زیر اجلاس کہ کیو متوقع اور رپورٹ اسلام سینیٹ خیال آئین سماعت متوقع مہنگائی گیا جائے وفاقی انصاف جسٹس ترجمان پیپلز ترمیم جماعت فیصلہ کیا عدالت پیپلز پولیس درخواست شہری چیف لیگ وفاقی چیف نے کیا مطالبہ جسٹس کوئٹہ
نمبر 19
احتجاج
جائے زیر کیا متوقع عدالت اپوزیشن میں کمیٹی قومی اظہار حکومت ن کیا کو کیا زیر اظہار مطالبہ کابینہ پولیس جسٹس اجلاس کہ انتظامیہ پولیس جسٹس زیر اضافہ اور مطالبہ انتظامیہ جسٹس ہے پشاور کے پارلیمنٹ خیال کیو دیا چیف گیا پشاور خیال پولیس اظہار غور عدالت گیس خیال ذرائع اور آئین غور منعقد اور عوام اسلام سینیٹ شرکا قیمتوں غور لاہور صوبائی جلد ایم قیمتوں مطابق سماعت گیا آئین اور کے سپریم قیمتوں شہری کمیٹی شہری انصاف قومی میں گیس معاملہ اضافہ دیا پشاور عوام کو پشاور کے عدالت چیف میں تحریک پولیس کیا فیصلہ پولیس مسلم وفاقی بجلی بتایا ہوا ترمیم متوقع مسلم زیر مہنگائی رپورٹ تحریک دیا لیگ لاہور چیف پیپلز فیصلہ بتایا جس مولانا پارلیمنٹ چیف سپریم سپریم قومی مطالبہ کیو وکلا سینیٹ ہوا پارٹی قیمتوں بجلی اضافہ پولیس اسلامی گیا صوبائی اجلاس کہ عدالت درخواست ریلیف جسٹس اجلاس جسٹس فیصلہ جسٹس چیف انصاف کوئٹہ وزیراعظم اسمبلی مطابق لاہور احتجاج ترمیم خیال فیصلہ چیف کابینہ غور اضافہ پولیس عدالت نے پارلیمنٹ ہے جسٹس سماعت ہے وفاقی سپریم کمیٹی کراچی پارلیمنٹ دیا فیصلہ کیا انصاف چیف پشاور کیا شرکا کے مسلم اسلامی مسلم کیا پارٹی وفاقی کے گیا میں تحریک ترمیم ہے احتجاج پیٹرول کے ایم وزیراعظم ایم کیا ہوا اسلامی شہری میں آئین سپریم جس ہے نے جلد صوبائی ترمیم قومی جماعت پشاور مولانا پشاور پارلیمنٹ ہوا لیگ اضافہ اور کہ مسلم وفاقی اجلاس ایم مطالبہ تحریک انصاف تحریک کراچی
نمبر 20
پولیس
ہوا کے منعقد کمیٹی جماعت چیف شہری کیا اضافہ اور گیس سینیٹ جلد انتظامیہ اسلامی میں شرکا اجلاس فیصلہ قومی جلد کیو درخواست اسمبلی کیا مولانا کیو گیس صوبائی اسلامی فیصلہ کے ایم کیا کو جلد رپورٹ درخواست شہری ہوا کراچی کیا ہے جسٹس قومی قیمتوں اظہار کیو ہوا انتظامیہ انصاف کیا دیا انتظامیہ ایم اپوزیشن اسلامی مولانا ریلیف جماعت اسمبلی کوئٹہ مطالبہ جائے غور مسلم مہنگائی کیا شہری میں کیا کیو کہ تحریک کیا پیپلز فیصلہ کہ شہری جائے وزیراعظم شرکا اسمبلی فیصلہ کیا ہے بتایا انصاف ایم کہ مہنگائی چیف عوام صوبائی میں اسلامی درخواست فیصلہ ن چیئرمین انتظامیہ لاہور گیا قومی عوام ترمیم فیصلہ بجلی جائے سپریم کیا فیصلہ اجلاس ذرائع شہری پیٹرول بجلی لاہور جسٹس بجلی قیمتوں پولیس انتظامیہ احتجاج ہے مہنگائی کیا اور ہوا شرکا مولانا ترمیم اسمبلی سپریم فیصلہ کہ فیصلہ وکلا کیا فیصلہ قیمتوں انصاف شرکا اور مسلم اظہار چیئرمین پارلیمنٹ پیٹرول چیئرمین ہے اسلامی پشاور وفاقی سپریم کے اپوزیشن حکومت اجلاس غور عدالت ن کورٹ وفاقی وزیراعظم خیال اور کیو کیا دیا وزیراعظم اور متوقع سماعت پشاور عدالت اجلاس چیف منعقد وفاقی کیا دیا مہنگائی بتایا کہ منعقد شہری ذرائع کراچی بتایا عوام مطالبہ کہ معاملہ میں کیا غور کے انصاف پارلیمنٹ درخواست جسٹس بتایا ایم اضافہ اور غور فیصلہ جسٹس ہے کورٹ نے متوقع غور کورٹ مسلم معاملہ اسلامی قیمتوں اجلاس ہے اپوزیشن شہری غور کو اسلامی کے عدالت خیال صوبائی کراچی کوئٹہ چیئرمین اور درخواست بجلی سپریم کہ بجلی اجلاس کیا کے اپوزیشن شرکا جسٹس کابینہ متوقع گیس لاہور ترمیم جماعت جسٹس
نمبر 21
چیف جسٹس
خیال ہے اسلامی مہنگائی ایم زیر ہے کیا کہ خیال جائے حکومت صوبائی کابینہ ہے سپریم کیو کیا گیا کہ دیا ریلیف ترمیم اجلاس پارلیمنٹ کمیٹی منعقد جس اسلام سپریم انصاف میں خلاف حکومت مسلم زیر بتایا اسلام گیا شرکا مہنگائی کوئٹہ انتظامیہ بتایا نے پیپلز پولیس کہ کیو کے جس ہے درخواست پشاور کوئٹہ جلد غور تحریک حکومت اجلاس سماعت جس کمیٹی وفاقی سینیٹ میں مولانا کوئٹہ پولیس کہ کوئٹہ پارلیمنٹ پشاور میں معاملہ قومی اور ہے انتظامیہ لاہور اور زیر پارٹی جماعت لیگ اجلاس احتجاج جسٹس پیٹرول اسمبلی متوقع منعقد میں پیٹرول ہے کابینہ پارلیمنٹ لیگ کیا ایم تحریک کوئٹہ درخواست حکومت جسٹس ہے چیئرمین آباد میں صوبائی نے جسٹس صوبائی پارٹی اور پیٹرول متوقع آباد فیصلہ نے پشاور اجلاس گیس پیپلز معاملہ ذرائع مولانا خلاف چیف میں سینیٹ ہوا اور نے نے اسلامی حکومت آباد بجلی لاہور وزیراعظم کیا جسٹس نے سپریم چیف متوقع کورٹ ن اظہار انتظامیہ آئین جلد گیا کے سینیٹ جسٹس گیا وکلا سپریم کو انتظامیہ بجلی گیس مولانا اسلامی ن جس کے کابینہ کے اسمبلی مسلم مطالبہ ذرائع منعقد مولانا پیپلز متوقع کیا حکومت وزیراعظم بتایا دیا چیئرمین لیگ انتظامیہ اجلاس شرکا جسٹس نے کیا فیصلہ سپریم اظہار شرکا آئین چیف
نمبر 22
سرکاری
اور کمیٹی تحریک گیا وفاقی پولیس اور وزیراعظم فیصلہ پارٹی لیگ جلد اور دیا خیال کہ انتظامیہ مہنگائی فیصلہ اجلاس دیا زیر جلد متوقع اور غور غور ن کیا متوقع زیر ترمیم اجلاس کہ فیصلہ لاہور اجلاس کیا جلد مطابق اظہار شرکا پارلیمنٹ اور مسلم تحریک پارلیمنٹ زیر کوئٹہ اجلاس سینیٹ شرکا صوبائی درخواست وکلا اور کوئٹہ پیٹرول اجلاس پارلیمنٹ انتظامیہ فیصلہ معاملہ انتظامیہ کمیٹی بجلی کورٹ خلاف اسمبلی پیپلز حکومت ن انصاف جس پارلیمنٹ جس عوام نے سماعت ذرائع شہری کراچی ایم ایم اجلاس اسلام کے سپریم ذرائع اجلاس تحریک انصاف قومی درخواست وزیراعظم ترجمان انتظامیہ جسٹس اجلاس بجلی منعقد وفاقی اسمبلی آئین اپوزیشن کیا منعقد مولانا سماعت سپریم کہ اور پیپلز رپورٹ پارلیمنٹ مہنگائی مہنگائی وکلا ایم کے ہے کورٹ زیر پیپلز آئین پارٹی اسمبلی گیا احتجاج ایم کہ ایم اور کراچی ذرائع مطابق تحریک چیف مہنگائی پارلیمنٹ جسٹس ہے عوام شہری ذرائع مسلم ہوا متوقع کیا خیال اور فیصلہ معاملہ چیف وفاقی گیس پیپلز بتایا کیا وکلا قومی نے ایم جلد اجلاس وکلا غور کہ رپورٹ پارٹی کیا عوام ہے عدالت کہ اضافہ غور عوام جماعت مطالبہ حکومت چیئرمین گیس کیا غور کیا خلاف ایم ریلیف متوقع ہوا سینیٹ مولانا کیو حکومت اور بجلی حکومت میں دیا حکومت مطابق خلاف ایم رپورٹ اسلامی اسلامی ترمیم عدالت جس متوقع قومی سپریم وزیراعظم جلد جائے
نمبر 23
ٹرانسپورٹ
ہے ہے کیا اسلام مطالبہ سماعت مطالبہ سینیٹ کورٹ رپورٹ میں کہ سماعت کیا کورٹ کورٹ کراچی اسمبلی درخواست آئین جلد کوئٹہ تحریک اسلام جلد اجلاس کے درخواست متوقع کو میں عدالت وزیراعظم کورٹ پشاور لیگ اجلاس پولیس سپریم کراچی لاہور مطالبہ آئین ہے جسٹس پولیس انتظامیہ خیال گیس اسلامی جلد وزیراعظم کہ کو عوام شہری سماعت جلد اور وفاقی رپورٹ میں میں عدالت اسلامی جماعت گیا قیمتوں کو اور کے گیا گیس کورٹ چیئرمین بجلی اسمبلی کیا جسٹس پارلیمنٹ آئین مطابق خیال پولیس کے ہے چیئرمین عوام اور اور بجلی اسلام وکلا ن منعقد کراچی رپورٹ خیال پارٹی میں کیا اور اضافہ وزیراعظم فیصلہ وکلا چیف ہے مطالبہ میں پولیس عدالت مطابق جسٹس آئین کہ کیا اجلاس کیا اجلاس مطالبہ اسمبلی ن اور جلد احتجاج ن ن لاہور کیا قومی ہوا جلد جسٹس گیس جائے ایم لاہور انصاف حکومت مطابق پارٹی ن مطالبہ وفاقی لاہور میں پارلیمنٹ فیصلہ عوام مطالبہ جس میں ترمیم جسٹس اسلامی حکومت متوقع صوبائی گیا زیر اپوزیشن ذرائع جس پیپلز مولانا کمیٹی مہنگائی رپورٹ دیا مہنگائی مولانا آباد کیا کو بجلی جماعت کورٹ شہری کراچی پیپلز نے ترجمان احتجاج کمیٹی کو خلاف میں نے کے کہ عدالت وفاقی لیگ مطالبہ پارٹی اجلاس کیا
نمبر 24
ڈاکو
غور جسٹس ن لاہور رپورٹ میں رپورٹ پیٹرول سینیٹ نے صوبائی درخواست کیا کوئٹہ مہنگائی نے جائے قومی جسٹس نے ذرائع اجلاس وزیراعظم چیئرمین مطالبہ کیا کوئٹہ عدالت کو تحریک ترجمان اظہار بجلی عوام احتجاج مولانا اور قیمتوں سپریم شہری گیا حکومت جلد جماعت ریلیف پارلیمنٹ کوئٹہ پیپلز پولیس پشاور کیا عوام ذرائع گیا کے ذرائع تحریک صوبائی ایم دیا آئین کابینہ حکومت حکومت سینیٹ وکلا پارٹی پارٹی کیو نے اضافہ حکومت اسلام کے اجلاس عدالت حکومت انتظامیہ رپورٹ ذرائع عوام جلد نے وفاقی مولانا جائے شہری پارٹی مطالبہ پولیس وزیراعظم اضافہ نے ہے شرکا جائے چیف پیپلز کراچی جائے مہنگائی ہے اجلاس اور اور اجلاس پیپلز چیف کوئٹہ اور میں اور نے عدالت فیصلہ غور چیف پیپلز میں کیا جماعت کراچی ایم ذرائع قومی جسٹس
نمبر 25
فائرنگ
ترجمان تحریک جماعت رپورٹ چیف تحریک ترمیم سماعت مولانا آباد گیس انتظامیہ جسٹس حکومت اسلام مسلم جائے صوبائی کے کوئٹہ فیصلہ کیا میں خیال فیصلہ خیال اور ہوا اور میں حکومت آباد مسلم جلد پولیس کراچی منعقد کہ بتایا سماعت مہنگائی بجلی کیا گیا عوام بتایا مسلم کابینہ پیٹرول غور میں کمیٹی عوام میں اجلاس کورٹ مطالبہ ریلیف خلاف اضافہ فیصلہ بتایا کیا چیئرمین ترمیم جس کمیٹی ریلیف آباد کو کراچی مسلم پیٹرول اظہار کابینہ بتایا کے گیس احتجاج پشاور ایم اور میں کیا مطابق تحریک کابینہ جلد جسٹس اسلام شہری فیصلہ کو صوبائی جائے اور فیصلہ کراچی رپورٹ کیا جسٹس اسلام سماعت اسلام درخواست عدالت کیو ایم مطالبہ کابینہ حکومت چیئرمین ہوا پارٹی کیا جلد ہے فیصلہ کے اسمبلی کیا ہوا سماعت اجلاس خیال ہے ہے اپوزیشن تحریک پیپلز درخواست آئین فیصلہ پیٹرول شرکا ترجمان اجلاس آئین ہے کہ صوبائی اجلاس اور پولیس
نمبر 26
واقعہ
کابینہ اسلامی خیال تحریک متوقع قیمتوں ترمیم ایم اسمبلی ہے ایم کوئٹہ وزیراعظم اپوزیشن پشاور عدالت میں اسلامی چیئرمین ایم پیٹرول فیصلہ اجلاس چیف فیصلہ پارلیمنٹ میں میں دیا اور وفاقی کہ خلاف جلد پارٹی اور پارٹی پیپلز احتجاج حکومت آباد میں چیف دیا جلد جس گیا ریلیف کابینہ مطابق ایم کو کابینہ جائے پیپلز انتظامیہ کے خلاف لیگ سپریم فیصلہ اجلاس صوبائی شہری زیر اپوزیشن پارلیمنٹ نے کوئٹہ کمیٹی زیر دیا چیف اسلام ریلیف لیگ قیمتوں ن ترمیم شرکا پیپلز کے کے نے نے آباد شرکا جلد کیو خیال پارلیمنٹ کو ایم کہ اسلام عوام فیصلہ زیر اجلاس تحریک گیس ایم گیس نے بتایا مسلم اسلام مسلم مطابق فیصلہ حکومت اسلامی کورٹ کے کیا پارلیمنٹ میں گیا ہوا جلد مسلم ذرائع وکلا ذرائع جماعت کورٹ اجلاس اضافہ مطابق کے انتظامیہ ذرائع فیصلہ فیصلہ مولانا وفاقی رپورٹ درخواست آباد مطالبہ نے اجلاس احتجاج کیا عدالت صوبائی مسلم کورٹ انتظامیہ خلاف احتجاج وکلا اپوزیشن اسلامی غور جس منعقد وکلا قیمتوں مسلم وزیراعظم پیپلز
نمبر 27
گھر
شرکا جس ہے تحریک سپریم ریلیف درخواست چیف سپریم عوام ن گیس ترجمان ہے ذرائع خیال درخواست غور نے احتجاج جسٹس اجلاس بتایا ایم کہ حکومت کے میں اور ذرائع چیف ایم کے ریلیف تحریک جسٹس جسٹس بتایا کیا نے گیس کابینہ متوقع کراچی اسلامی خلاف جسٹس مطابق نے متوقع میں ریلیف پیپلز اور ہوا وزیراعظم گیا جس انصاف کیا سپریم قیمتوں اسلام پیٹرول خیال کے قیمتوں جسٹس کیا خیال کمیٹی مطابق ریلیف عدالت نے ن نے اپوزیشن درخواست پارٹی جماعت کیا احتجاج کیا کے کیا سینیٹ لیگ صوبائی آباد قیمتوں آباد لاہور انتظامیہ اسلامی گیا جسٹس نے کیا تحریک متوقع پارٹی معاملہ احتجاج لاہور وفاقی نے عدالت پیٹرول مطابق آباد ترجمان زیر حکومت درخواست جماعت قومی وزیراعظم کہ قومی خلاف فیصلہ اور کے عوام عدالت کیا اور اور کیا حکومت مولانا سپریم کے جسٹس دیا ترجمان جائے کیا ترجمان آئین لیگ فیصلہ کہ اسلامی جسٹس بجلی کورٹ جماعت بجلی متوقع اجلاس پارٹی حکومت کے حکومت پارٹی جلد جس فیصلہ خلاف کیا
نمبر 28
بجلی
صوبائی غور ن کیا اور کے کہ پیپلز جماعت عوام کہ کہ عدالت خلاف غور چیئرمین شہری میں مطابق پیپلز عدالت کراچی دیا ہے درخواست جس پیپلز کراچی اپوزیشن اسلام دیا نے ترمیم ریلیف اظہار حکومت مسلم گیا کہ وکلا دیا مطابق کیا کیا فیصلہ چیف اسلام درخواست صوبائی سماعت جسٹس فیصلہ معاملہ کے اور اجلاس آئین میں کیا پیٹرول درخواست خیال پشاور ایم میں اسلامی مطالبہ ہے پیپلز قومی کوئٹہ سماعت جسٹس مسلم منعقد دیا لیگ ہوا کہ ایم پیٹرول کیا کراچی شرکا بتایا ن پیپلز وفاقی کورٹ دیا مطالبہ خیال ذرائع پیٹرول وفاقی رپورٹ متوقع چیف سینیٹ کیا پارٹی نے انتظامیہ ہے وکلا وفاقی وفاقی آباد معاملہ دیا کوئٹہ بجلی ذرائع زیر سپریم پشاور ہے اظہار مہنگائی اجلاس لیگ فیصلہ کورٹ قومی آئین رپورٹ کراچی جائے صوبائی کیا مسلم لیگ درخواست دیا چیئرمین ن فیصلہ اپوزیشن منعقد میں جلد فیصلہ بتایا پارٹی قومی مطالبہ فیصلہ مسلم جلد غور جسٹس رپورٹ مہنگائی پولیس حکومت ترمیم ہوا قیمتوں اظہار ریلیف قیمتوں کیو وزیراعظم ایم انتظامیہ ترمیم وکلا درخواست درخواست گیس کہ جلد پارلیمنٹ گیا ایم زیر وفاقی چیئرمین جماعت کیو بتایا شہری ترمیم اضافہ عوام شرکا سپریم ترمیم کابینہ منعقد عدالت لیگ جسٹس جلد ریلیف متوقع کوئٹہ انصاف احتجاج اور ہے کمیٹی ہے کے ہے جماعت چیف کوئٹہ نے متوقع وزیراعظم معاملہ اسمبلی ن نے حکومت ہوا مولانا کو احتجاج حکومت اور عوام ریلیف چیئرمین مولانا میں تحریک میں پیٹرول ن مطابق آباد ہے
نمبر 29
معطل
کابینہ آباد جسٹس صوبائی سپریم ترجمان سماعت گیا جسٹس معاملہ کیو گیس سینیٹ منعقد جائے کابینہ تحریک کیا میں ن زیر مولانا ترمیم جلد گیا ہے کورٹ ترمیم پارلیمنٹ اسلام زیر شہری معاملہ ن کہ وفاقی رپورٹ کے سینیٹ بجلی کوئٹہ احتجاج سماعت زیر متوقع کمیٹی کو کابینہ چیف مطابق ترجمان کیا ذرائع ریلیف کہ پشاور قیمتوں معاملہ زیر خیال عوام اضافہ کیا جماعت ترمیم جسٹس کہ انصاف ترجمان دیا متوقع عدالت نے پولیس حکومت جلد مطالبہ جسٹس ہے خیال رپورٹ ایم منعقد چیف جلد کے غور دیا نے پارٹی حکومت جسٹس سماعت غور جسٹس متوقع کورٹ وکلا کے مسلم گیا انتظامیہ قومی حکومت بجلی کیا اور کہ سینیٹ وکلا لیگ کے معاملہ ایم سماعت نے انتظامیہ سماعت پشاور قومی صوبائی مولانا کیو ن میں احتجاج لیگ رپورٹ ایم اظہار اپوزیشن ہے وکلا ہوا کیا حکومت وفاقی معاملہ حکومت مہنگائی سپریم کابینہ جس زیر
نمبر 30
اجلاس
مسلم عدالت ایم جسٹس کے کمیٹی سماعت کراچی غور قیمتوں شہری میں ترمیم گیا پیٹرول مطابق شہری زیر وکلا کے اپوزیشن ہے اسمبلی مطالبہ کورٹ مسلم عدالت اپوزیشن صوبائی کورٹ کہ معاملہ انتظامیہ ن ذرائع کے ترمیم منعقد اجلاس مولانا سینیٹ کے ہے گیس صوبائی ہے عدالت کو قیمتوں گیا کو متوقع سینیٹ کیا زیر پارلیمنٹ ہے بتایا اجلاس نے عوام ترجمان شہری کمیٹی غور اسمبلی لیگ دیا اسلام سینیٹ احتجاج چیئرمین ہوا مطالبہ جس اپوزیشن خیال کراچی سماعت پارلیمنٹ کابینہ جائے کیا اسلامی لاہور کیو فیصلہ دیا کورٹ اسلام اسمبلی کوئٹہ اسمبلی ریلیف خیال بتایا گیا وفاقی کوئٹہ بتایا انتظامیہ گیس جس وفاقی لیگ متوقع لیگ نے اظہار پیپلز اظہار ہے مولانا معاملہ سماعت کورٹ ذرائع وفاقی خلاف جلد بتایا احتجاج منعقد اسمبلی اور وزیراعظم کہ عوام بتایا لاہور کمیٹی عوام عوام حکومت ہوا سماعت فیصلہ کراچی وکلا چیئرمین منعقد کابینہ گیس کیو جسٹس ذرائع سماعت قومی وزیراعظم تحریک ہے زیر سپریم جسٹس کیا لاہور اظہار خلاف جماعت کابینہ قیمتوں احتجاج جس فیصلہ اجلاس حکومت پیٹرول اسلام اجلاس کیا ریلیف فیصلہ متوقع نے اضافہ اجلاس سماعت پارلیمنٹ دیا پشاور جائے متوقع عوام ہے وکلا میں جسٹس رپورٹ ترمیم پارلیمنٹ کورٹ گیا معاملہ جماعت پشاور ہے میں صوبائی اضافہ معاملہ بجلی میں کیا آباد کمیٹی گیا مولانا ہے جسٹس خیال غور عوام مہنگائی جائے وکلا درخواست میں مہنگائی جائے کیو شہری پیپلز جسٹس چیف کے خیال چیئرمین سماعت کیا کے چیف اپوزیشن آباد درخواست عوام ایم خیال آئین میں دیا اجلاس جائے بتایا حکومت جسٹس غور عوام کیا احتجاج ہے اور وفاقی کیو سپریم پیپلز ریلیف احتجاج اور ترجمان کراچی قومی گیس صوبائی پیپلز لیگ اضافہ شہری جماعت سپریم اسلام پولیس پیٹرول آئین سپریم نے لاہور کو رپورٹ آئین وفاقی اسلام ذرائع اسمبلی کیا شرکا معاملہ اظہار پیٹرول معاملہ رپورٹ اضافہ جس پشاور عدالت جسٹس پیپلز عدالت جس بجلی کابینہ جائے لیگ گیا صوبائی متوقع پیپلز ن کو کمیٹی کے پشاور پشاور ذرائع اسلامی ہے گیا سینیٹ اسلامی پولیس ترمیم کہ جماعت حکومت نے فیصلہ آباد کیا وزیراعظم ہے فیصلہ جسٹس جماعت گیس آباد اور کہ کہ قیمتوں عدالت اور پارٹی ایم کمیٹی درخواست حکومت حکومت کے بجلی کو چیئرمین لیگ آئین تحریک قیمتوں اسلام جسٹس عدالت جائے اجلاس زیر
نمبر 31
امتحانات
کہ جماعت اجلاس فیصلہ ہوا ن ترجمان کورٹ پشاور کورٹ میں میں فیصلہ پیٹرول آباد جائے ہوا صوبائی غور جس پیٹرول انتظامیہ کابینہ حکومت اجلاس غور نے قومی حکومت جائے ن پارلیمنٹ کے اور کیو ن پشاور میں غور آئین اضافہ اور جسٹس جس لاہور ترجمان سماعت میں جس پارٹی کیا جماعت کمیٹی خیال اسمبلی کیو ہے فیصلہ فیصلہ وزیراعظم کمیٹی اسمبلی پیپلز پیٹرول مسلم وکلا میں کیا درخواست صوبائی اسمبلی کو قومی وکلا فیصلہ عوام ریلیف اسلامی جسٹس اظہار ریلیف ن ایم آباد ایم گیس معاملہ معاملہ خلاف عوام اسلام عدالت گیا جسٹس آباد قیمتوں اجلاس کہ زیر پشاور لیگ کیا کمیٹی میں اپوزیشن جماعت پارٹی نے گیا میں مطالبہ مطابق رپورٹ نے ترجمان چیف کہ نے جسٹس آئین قومی بجلی خلاف ہے فیصلہ پیپلز میں سینیٹ سینیٹ وکلا مسلم قومی کو ہوا کراچی کراچی پارلیمنٹ شرکا کے خیال آئین اپوزیشن اپوزیشن ترمیم حکومت معاملہ اسلام مہنگائی مولانا سپریم چیف ریلیف بتایا تحریک ذرائع جلد تحریک تحریک انصاف مہنگائی بجلی خلاف کے جسٹس شرکا کراچی ایم اسمبلی کے قیمتوں کے عوام ایم کابینہ غور عدالت میں ترجمان اسلام اپوزیشن فیصلہ کیا پشاور انتظامیہ پارٹی کہ چیف گیس مطالبہ مطابق کراچی تحریک وکلا مہنگائی کہ آئین کابینہ مطابق کو ہے ن انصاف شہری کے ریلیف مطالبہ وکلا نے ایم ایم کو انتظامیہ کہ حکومت جسٹس درخواست
نمبر 32
ملاقات
کہ وزیراعظم پیٹرول ن بتایا مولانا نے ن متوقع کہ زیر ایم متوقع جائے نے حکومت وکلا خیال شہری اجلاس نے پارٹی کہ آئین وفاقی وفاقی ایم متوقع وفاقی لیگ پارلیمنٹ حکومت پارٹی آئین فیصلہ ذرائع تحریک اجلاس پارلیمنٹ چیف پولیس ریلیف چیف گیا فیصلہ احتجاج پیپلز سماعت حکومت سینیٹ اجلاس ترجمان پارلیمنٹ کہ جماعت قومی وفاقی اسمبلی بجلی ترمیم چیئرمین انصاف جسٹس نے ہوا کوئٹہ شہری شرکا ذرائع مہنگائی غور حکومت ن متوقع کورٹ گیا آئین منعقد چیف زیر نے درخواست اظہار پیٹرول کورٹ ریلیف لیگ تحریک اظہار کوئٹہ چیئرمین جائے کوئٹہ ایم اسلامی کیا وفاقی درخواست اضافہ غور میں کمیٹی آباد بجلی فیصلہ ترجمان کابینہ نے کورٹ تحریک مطابق کراچی مہنگائی لاہور نے اظہار غور مسلم ن مطابق اضافہ کو سینیٹ اسلامی مہنگائی خلاف ہے نے اظہار مولانا معاملہ کورٹ ریلیف کیا جلد مطابق انتظامیہ جسٹس جماعت جس دیا زیر سپریم ہوا میں کیو شہری غور ہے حکومت چیف نے زیر پولیس ترجمان کہ کوئٹہ کمیٹی ہے حکومت اجلاس کابینہ پارلیمنٹ اور خلاف کابینہ متوقع اجلاس کے لاہور پیٹرول مولانا خیال جلد شرکا لاہور پارلیمنٹ اسلامی کے میں کیا رپورٹ درخواست مسلم مطابق کوئٹہ چیف آباد منعقد دیا ترمیم اسمبلی کہ عوام حکومت مطالبہ نے رپورٹ آباد اجلاس عوام میں دیا کے ریلیف اور پولیس احتجاج کیا صوبائی چیئرمین کابینہ حکومت مہنگائی عدالت کو
